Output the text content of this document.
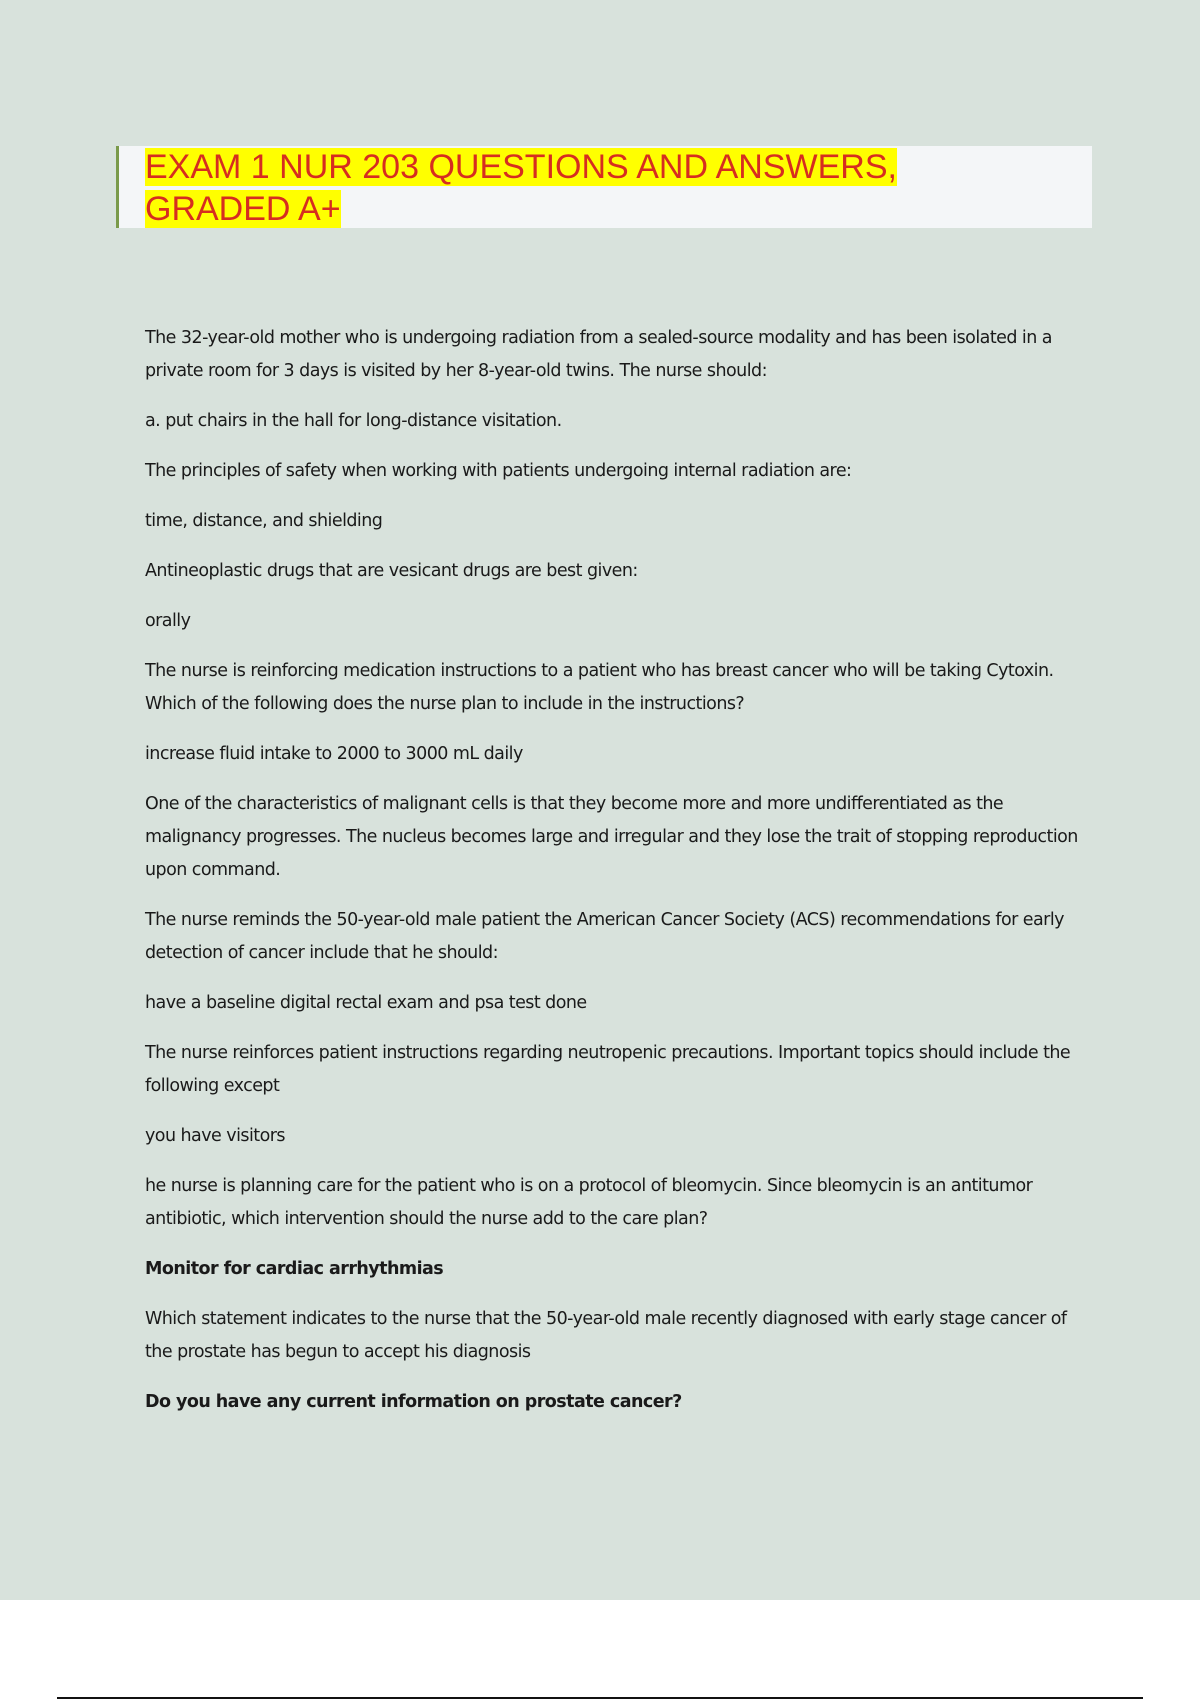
EXAM 1 NUR 203 QUESTIONS AND ANSWERS,
GRADED A+

The 32-year-old mother who is undergoing radiation from a sealed-source modality and has been isolated in a private room for 3 days is visited by her 8-year-old twins. The nurse should:

a. put chairs in the hall for long-distance visitation.

The principles of safety when working with patients undergoing internal radiation are:

time, distance, and shielding

Antineoplastic drugs that are vesicant drugs are best given:

orally

The nurse is reinforcing medication instructions to a patient who has breast cancer who will be taking Cytoxin. Which of the following does the nurse plan to include in the instructions?

increase fluid intake to 2000 to 3000 mL daily

One of the characteristics of malignant cells is that they become more and more undifferentiated as the malignancy progresses. The nucleus becomes large and irregular and they lose the trait of stopping reproduction upon command.

The nurse reminds the 50-year-old male patient the American Cancer Society (ACS) recommendations for early detection of cancer include that he should:

have a baseline digital rectal exam and psa test done

The nurse reinforces patient instructions regarding neutropenic precautions. Important topics should include the following except

you have visitors

he nurse is planning care for the patient who is on a protocol of bleomycin. Since bleomycin is an antitumor antibiotic, which intervention should the nurse add to the care plan?

Monitor for cardiac arrhythmias

Which statement indicates to the nurse that the 50-year-old male recently diagnosed with early stage cancer of the prostate has begun to accept his diagnosis

Do you have any current information on prostate cancer?
